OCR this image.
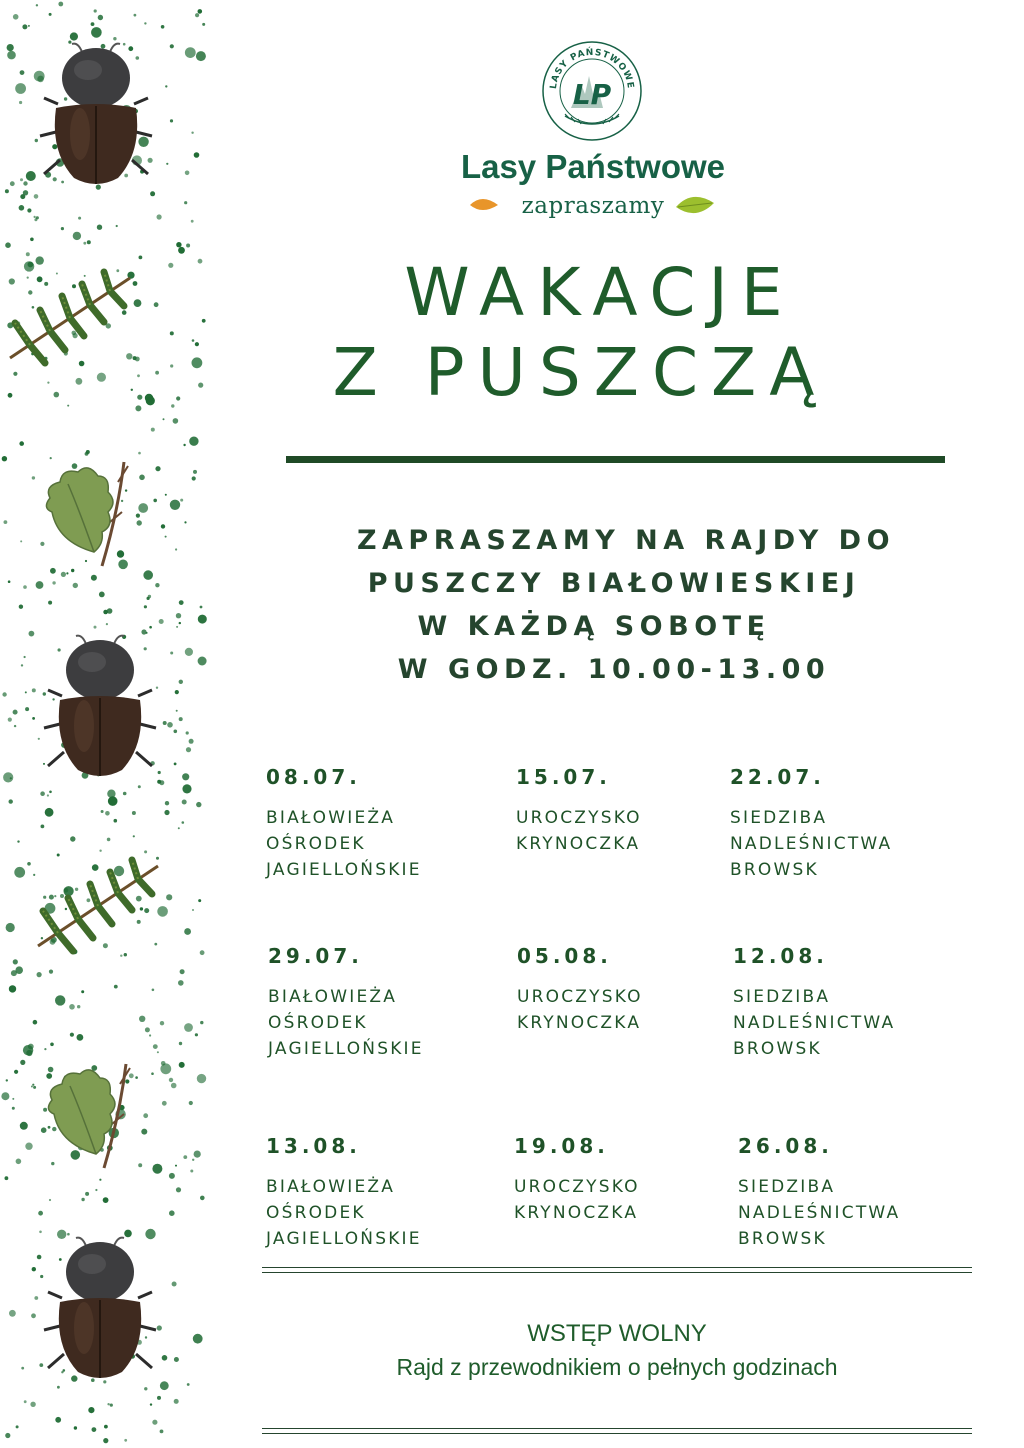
LASY PAŃSTWOWE
LP
Lasy Państwowe
zapraszamy
WAKACJE
Z PUSZCZĄ
ZAPRASZAMY NA RAJDY DO
PUSZCZY BIAŁOWIESKIEJ
W KAŻDĄ SOBOTĘ
W GODZ. 10.00-13.00
08.07.
BIAŁOWIEŻA
OŚRODEK
JAGIELLOŃSKIE
15.07.
UROCZYSKO
KRYNOCZKA
22.07.
SIEDZIBA
NADLEŚNICTWA
BROWSK
29.07.
BIAŁOWIEŻA
OŚRODEK
JAGIELLOŃSKIE
05.08.
UROCZYSKO
KRYNOCZKA
12.08.
SIEDZIBA
NADLEŚNICTWA
BROWSK
13.08.
BIAŁOWIEŻA
OŚRODEK
JAGIELLOŃSKIE
19.08.
UROCZYSKO
KRYNOCZKA
26.08.
SIEDZIBA
NADLEŚNICTWA
BROWSK
WSTĘP WOLNY
Rajd z przewodnikiem o pełnych godzinach
